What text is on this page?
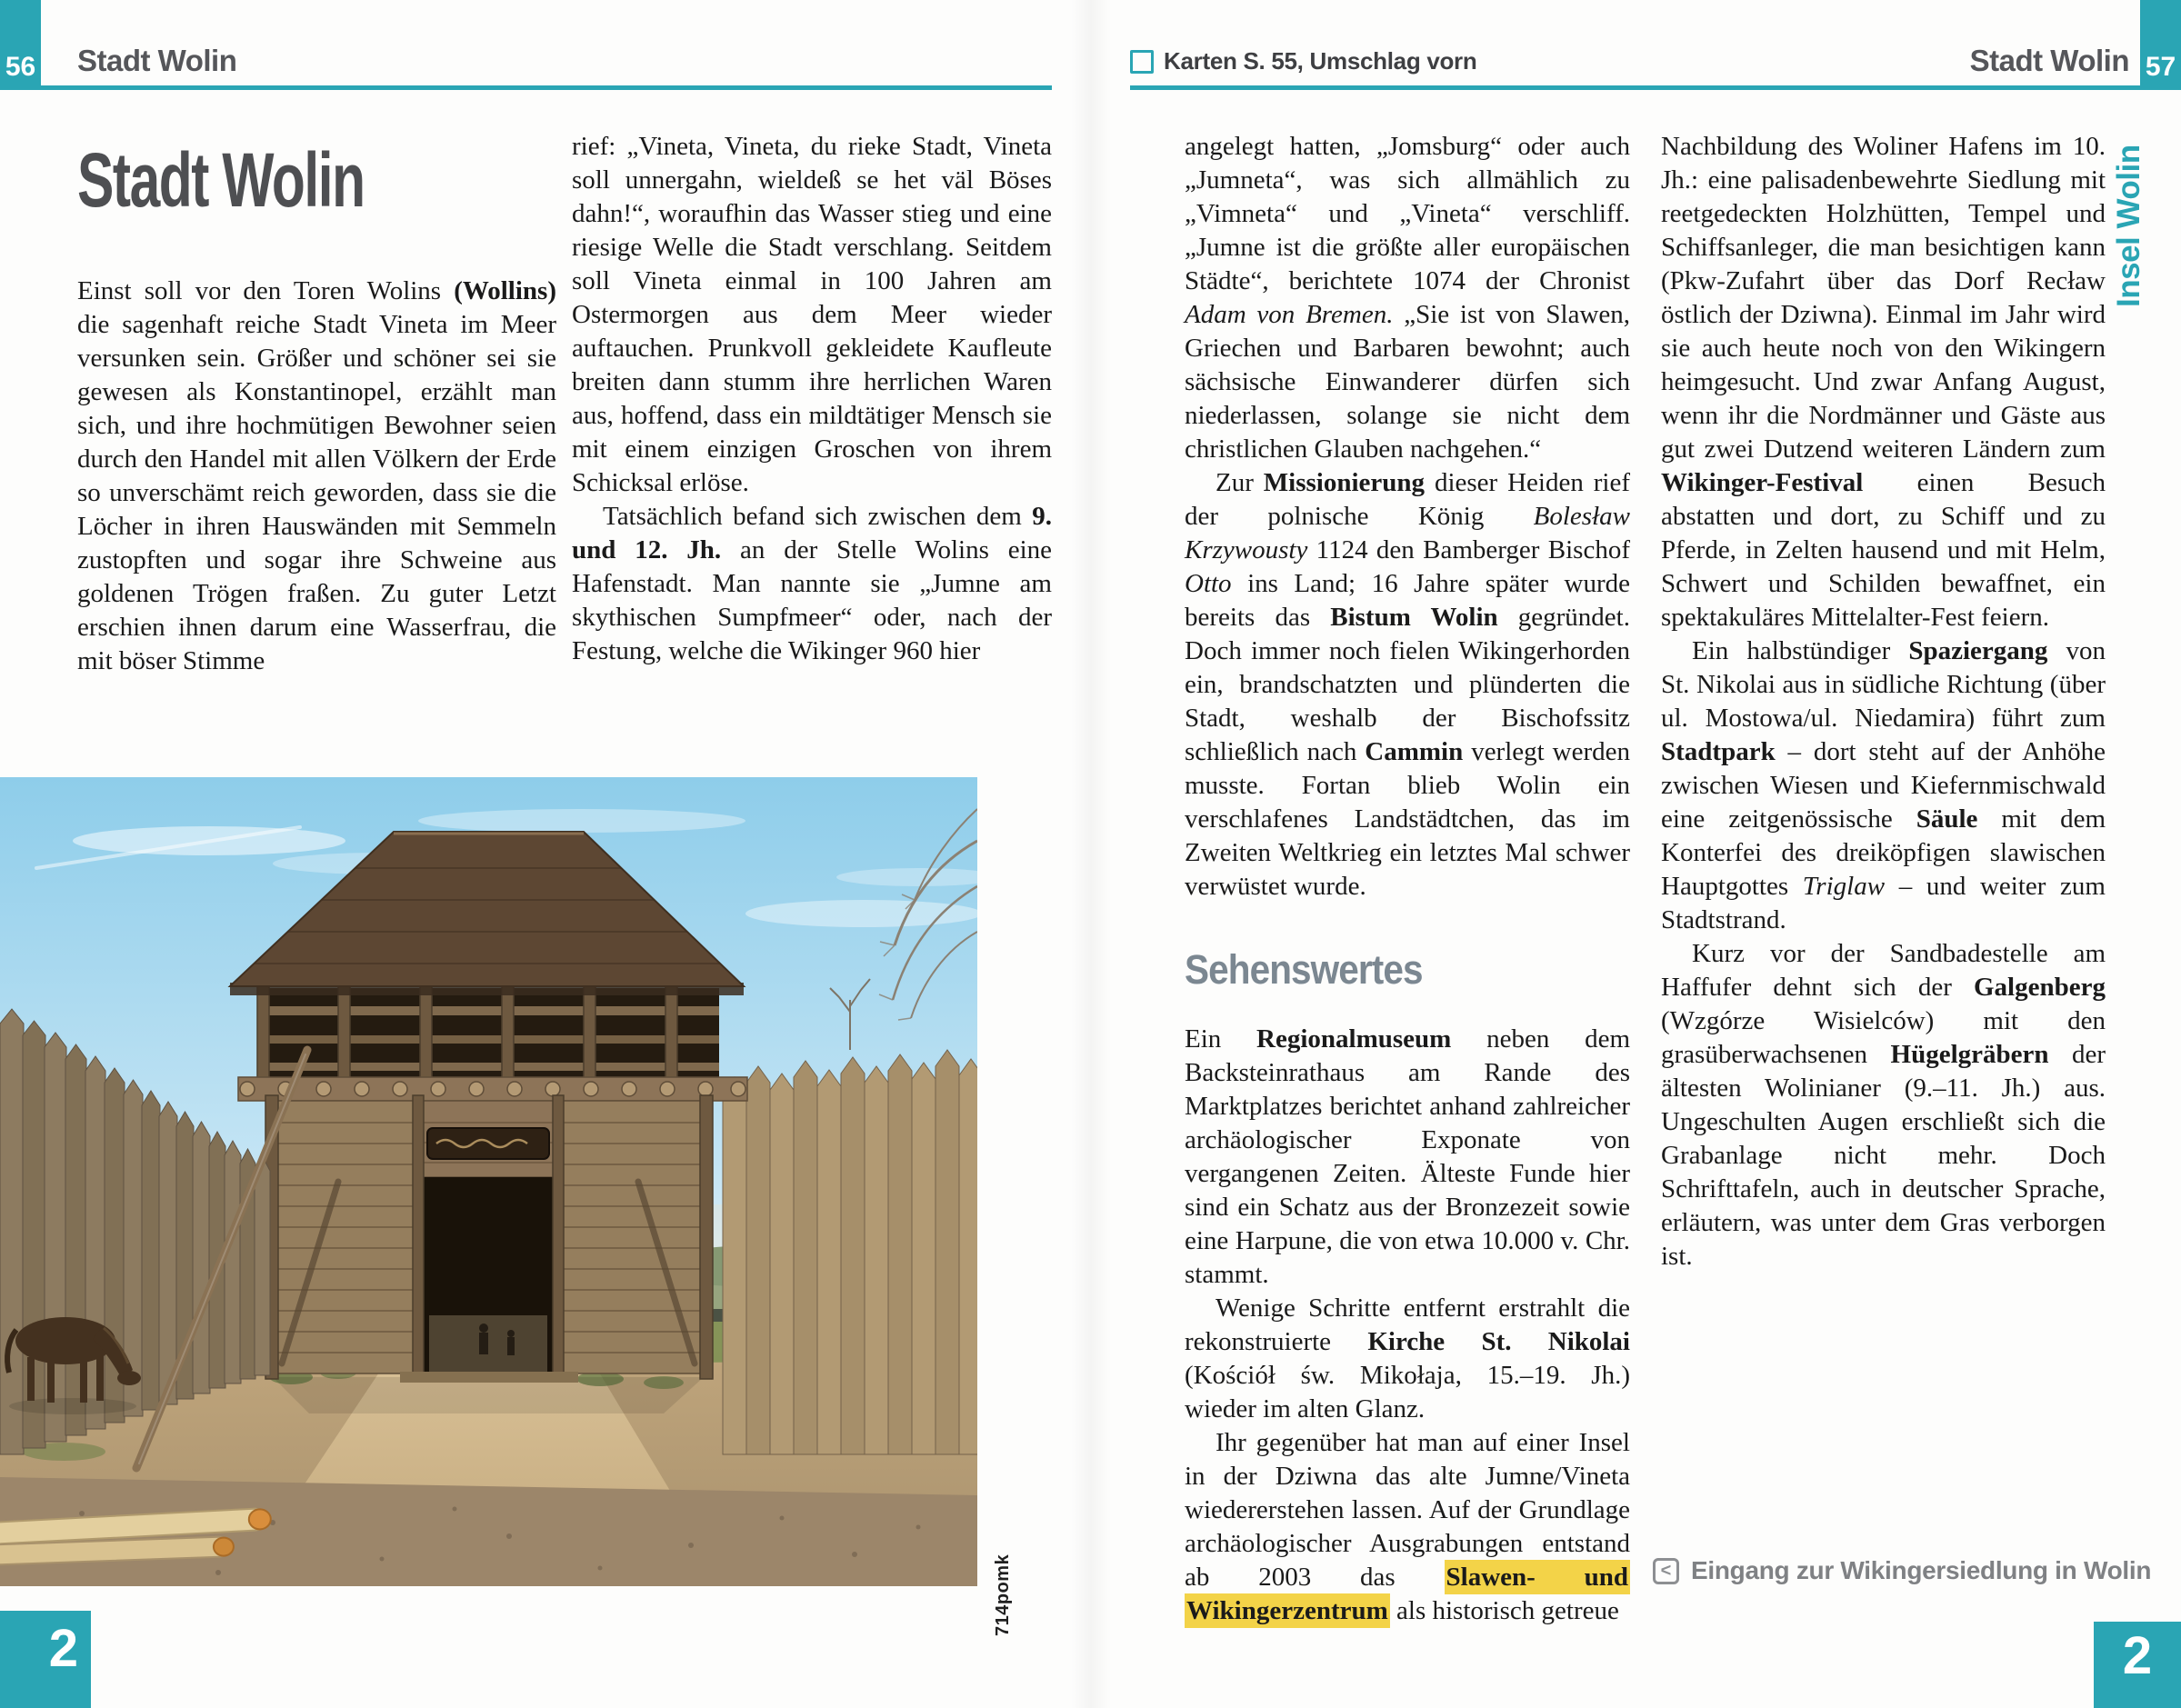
56 Stadt Wolin	Karten S. 55, Umschlag vorn	Stadt Wolin 57
Stadt Wolin

Einst soll vor den Toren Wolins (Wollins) die sagenhaft reiche Stadt Vineta im Meer versunken sein. Größer und schöner sei sie gewesen als Konstantinopel, erzählt man sich, und ihre hochmütigen Bewohner seien durch den Handel mit allen Völkern der Erde so unverschämt reich geworden, dass sie die Löcher in ihren Hauswänden mit Semmeln zustopften und sogar ihre Schweine aus goldenen Trögen fraßen. Zu guter Letzt erschien ihnen darum eine Wasserfrau, die mit böser Stimme

rief: „Vineta, Vineta, du rieke Stadt, Vineta soll unnergahn, wieldeß se het väl Böses dahn!“, woraufhin das Wasser stieg und eine riesige Welle die Stadt verschlang. Seitdem soll Vineta einmal in 100 Jahren am Ostermorgen aus dem Meer wieder auftauchen. Prunkvoll gekleidete Kaufleute breiten dann stumm ihre herrlichen Waren aus, hoffend, dass ein mildtätiger Mensch sie mit einem einzigen Groschen von ihrem Schicksal erlöse.

Tatsächlich befand sich zwischen dem 9. und 12. Jh. an der Stelle Wolins eine Hafenstadt. Man nannte sie „Jumne am skythischen Sumpfmeer“ oder, nach der Festung, welche die Wikinger 960 hier

angelegt hatten, „Jomsburg“ oder auch „Jumneta“, was sich allmählich zu „Vimneta“ und „Vineta“ verschliff. „Jumne ist die größte aller europäischen Städte“, berichtete 1074 der Chronist Adam von Bremen. „Sie ist von Slawen, Griechen und Barbaren bewohnt; auch sächsische Einwanderer dürfen sich niederlassen, solange sie nicht dem christlichen Glauben nachgehen.“

Zur Missionierung dieser Heiden rief der polnische König Bolesław Krzywousty 1124 den Bamberger Bischof Otto ins Land; 16 Jahre später wurde bereits das Bistum Wolin gegründet. Doch immer noch fielen Wikingerhorden ein, brandschatzten und plünderten die Stadt, weshalb der Bischofssitz schließlich nach Cammin verlegt werden musste. Fortan blieb Wolin ein verschlafenes Landstädtchen, das im Zweiten Weltkrieg ein letztes Mal schwer verwüstet wurde.

Sehenswertes

Ein Regionalmuseum neben dem Backsteinrathaus am Rande des Marktplatzes berichtet anhand zahlreicher archäologischer Exponate von vergangenen Zeiten. Älteste Funde hier sind ein Schatz aus der Bronzezeit sowie eine Harpune, die von etwa 10.000 v. Chr. stammt.

Wenige Schritte entfernt erstrahlt die rekonstruierte Kirche St. Nikolai (Kościół św. Mikołaja, 15.–19. Jh.) wieder im alten Glanz.

Ihr gegenüber hat man auf einer Insel in der Dziwna das alte Jumne/Vineta wiedererstehen lassen. Auf der Grundlage archäologischer Ausgrabungen entstand ab 2003 das Slawen- und Wikingerzentrum als historisch getreue

Nachbildung des Woliner Hafens im 10. Jh.: eine palisadenbewehrte Siedlung mit reetgedeckten Holzhütten, Tempel und Schiffsanleger, die man besichtigen kann (Pkw-Zufahrt über das Dorf Recław östlich der Dziwna). Einmal im Jahr wird sie auch heute noch von den Wikingern heimgesucht. Und zwar Anfang August, wenn ihr die Nordmänner und Gäste aus gut zwei Dutzend weiteren Ländern zum Wikinger-Festival einen Besuch abstatten und dort, zu Schiff und zu Pferde, in Zelten hausend und mit Helm, Schwert und Schilden bewaffnet, ein spektakuläres Mittelalter-Fest feiern.

Ein halbstündiger Spaziergang von St. Nikolai aus in südliche Richtung (über ul. Mostowa/ul. Niedamira) führt zum Stadtpark – dort steht auf der Anhöhe zwischen Wiesen und Kiefernmischwald eine zeitgenössische Säule mit dem Konterfei des dreiköpfigen slawischen Hauptgottes Triglaw – und weiter zum Stadtstrand.

Kurz vor der Sandbadestelle am Haffufer dehnt sich der Galgenberg (Wzgórze Wisielców) mit den grasüberwachsenen Hügelgräbern der ältesten Wolinianer (9.–11. Jh.) aus. Ungeschulten Augen erschließt sich die Grabanlage nicht mehr. Doch Schrifttafeln, auch in deutscher Sprache, erläutern, was unter dem Gras verborgen ist.

Insel Wolin
714pomk	< Eingang zur Wikingersiedlung in Wolin
2	2
